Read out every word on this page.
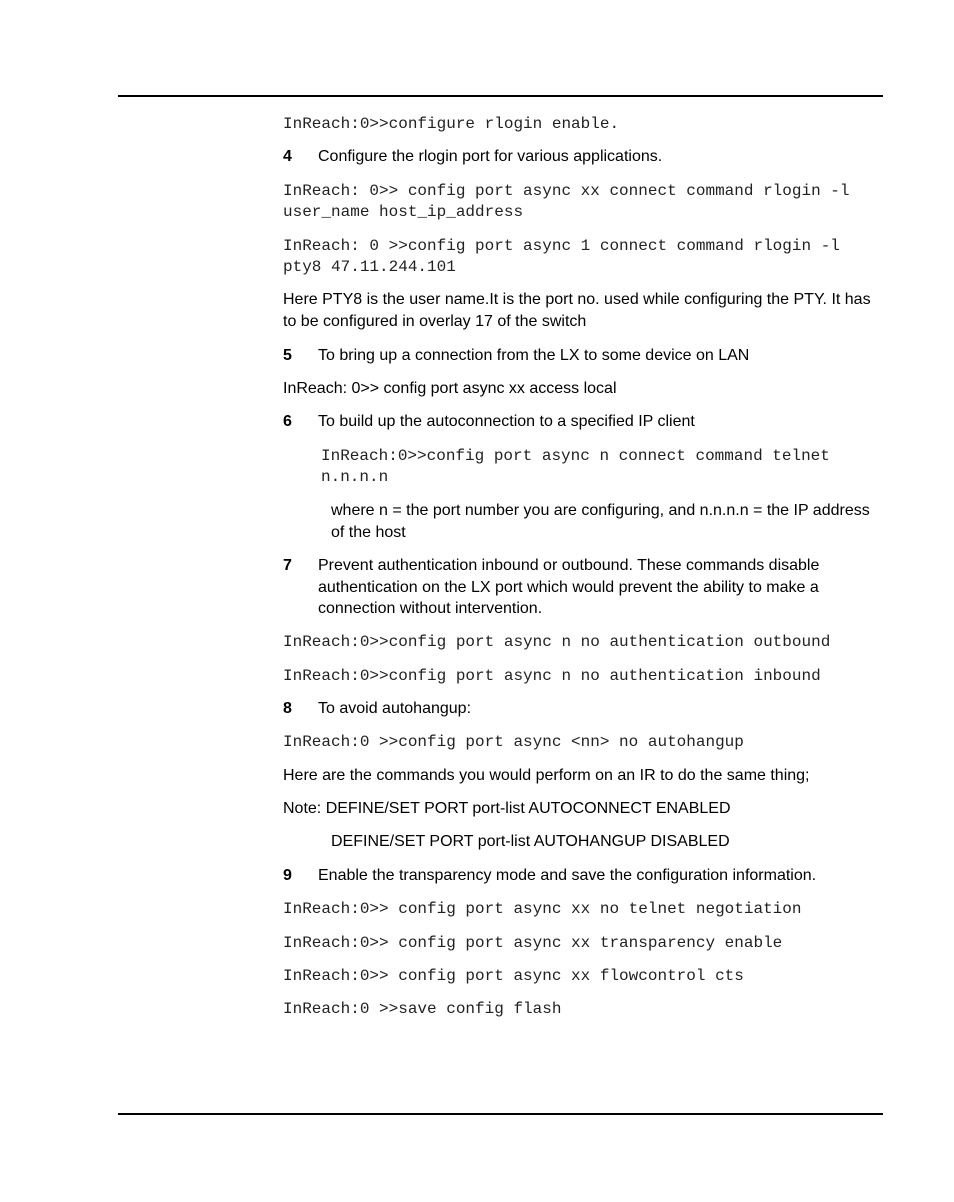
InReach:0>>configure rlogin enable.

4	Configure the rlogin port for various applications.

InReach: 0>> config port async xx connect command rlogin -l user_name host_ip_address

InReach: 0 >>config port async 1 connect command rlogin -l pty8 47.11.244.101

Here PTY8 is the user name.It is the port no. used while configuring the PTY. It has to be configured in overlay 17 of the switch

5	To bring up a connection from the LX to some device on LAN

InReach: 0>> config port async xx access local

6	To build up the autoconnection to a specified IP client

InReach:0>>config port async n connect command telnet n.n.n.n

where n = the port number you are configuring, and n.n.n.n = the IP address of the host

7	Prevent authentication inbound or outbound. These commands disable authentication on the LX port which would prevent the ability to make a connection without intervention.

InReach:0>>config port async n no authentication outbound

InReach:0>>config port async n no authentication inbound

8	To avoid autohangup:

InReach:0 >>config port async <nn> no autohangup

Here are the commands you would perform on an IR to do the same thing;

Note: DEFINE/SET PORT port-list AUTOCONNECT ENABLED

DEFINE/SET PORT port-list AUTOHANGUP DISABLED

9	Enable the transparency mode and save the configuration information.

InReach:0>> config port async xx no telnet negotiation

InReach:0>> config port async xx transparency enable

InReach:0>> config port async xx flowcontrol cts

InReach:0 >>save config flash
